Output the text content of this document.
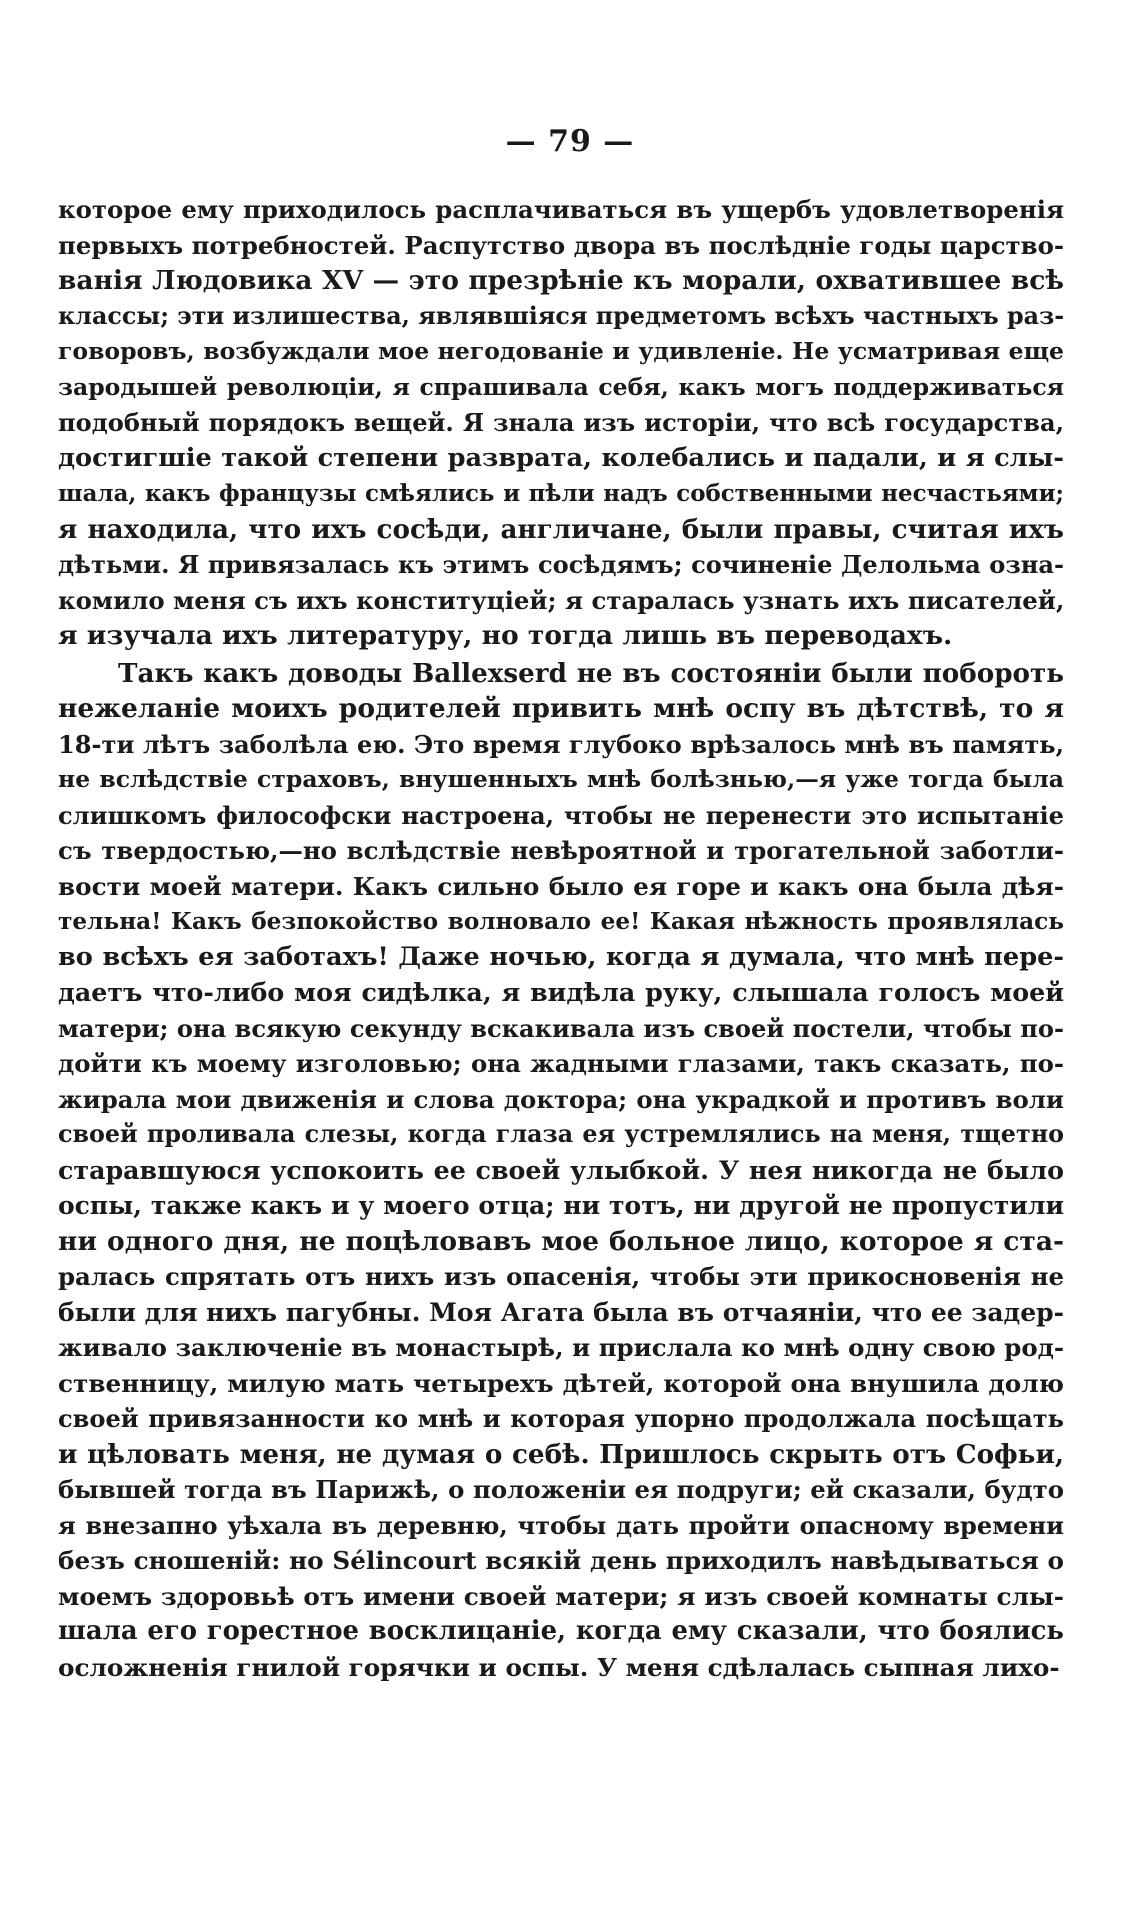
— 79 —
которое ему приходилось расплачиваться въ ущербъ удовлетворенія
первыхъ потребностей. Распутство двора въ послѣдніе годы царство-
ванія Людовика XV — это презрѣніе къ морали, охватившее всѣ
классы; эти излишества, являвшіяся предметомъ всѣхъ частныхъ раз-
говоровъ, возбуждали мое негодованіе и удивленіе. Не усматривая еще
зародышей революціи, я спрашивала себя, какъ могъ поддерживаться
подобный порядокъ вещей. Я знала изъ исторіи, что всѣ государства,
достигшіе такой степени разврата, колебались и падали, и я слы-
шала, какъ французы смѣялись и пѣли надъ собственными несчастьями;
я находила, что ихъ сосѣди, англичане, были правы, считая ихъ
дѣтьми. Я привязалась къ этимъ сосѣдямъ; сочиненіе Делольма озна-
комило меня съ ихъ конституціей; я старалась узнать ихъ писателей,
я изучала ихъ литературу, но тогда лишь въ переводахъ.
Такъ какъ доводы Ballexserd не въ состояніи были побороть
нежеланіе моихъ родителей привить мнѣ оспу въ дѣтствѣ, то я
18-ти лѣтъ заболѣла ею. Это время глубоко врѣзалось мнѣ въ память,
не вслѣдствіе страховъ, внушенныхъ мнѣ болѣзнью,—я уже тогда была
слишкомъ философски настроена, чтобы не перенести это испытаніе
съ твердостью,—но вслѣдствіе невѣроятной и трогательной заботли-
вости моей матери. Какъ сильно было ея горе и какъ она была дѣя-
тельна! Какъ безпокойство волновало ее! Какая нѣжность проявлялась
во всѣхъ ея заботахъ! Даже ночью, когда я думала, что мнѣ пере-
даетъ что-либо моя сидѣлка, я видѣла руку, слышала голосъ моей
матери; она всякую секунду вскакивала изъ своей постели, чтобы по-
дойти къ моему изголовью; она жадными глазами, такъ сказать, по-
жирала мои движенія и слова доктора; она украдкой и противъ воли
своей проливала слезы, когда глаза ея устремлялись на меня, тщетно
старавшуюся успокоить ее своей улыбкой. У нея никогда не было
оспы, также какъ и у моего отца; ни тотъ, ни другой не пропустили
ни одного дня, не поцѣловавъ мое больное лицо, которое я ста-
ралась спрятать отъ нихъ изъ опасенія, чтобы эти прикосновенія не
были для нихъ пагубны. Моя Агата была въ отчаяніи, что ее задер-
живало заключеніе въ монастырѣ, и прислала ко мнѣ одну свою род-
ственницу, милую мать четырехъ дѣтей, которой она внушила долю
своей привязанности ко мнѣ и которая упорно продолжала посѣщать
и цѣловать меня, не думая о себѣ. Пришлось скрыть отъ Софьи,
бывшей тогда въ Парижѣ, о положеніи ея подруги; ей сказали, будто
я внезапно уѣхала въ деревню, чтобы дать пройти опасному времени
безъ сношеній: но Sélincourt всякій день приходилъ навѣдываться о
моемъ здоровьѣ отъ имени своей матери; я изъ своей комнаты слы-
шала его горестное восклицаніе, когда ему сказали, что боялись
осложненія гнилой горячки и оспы. У меня сдѣлалась сыпная лихо-
